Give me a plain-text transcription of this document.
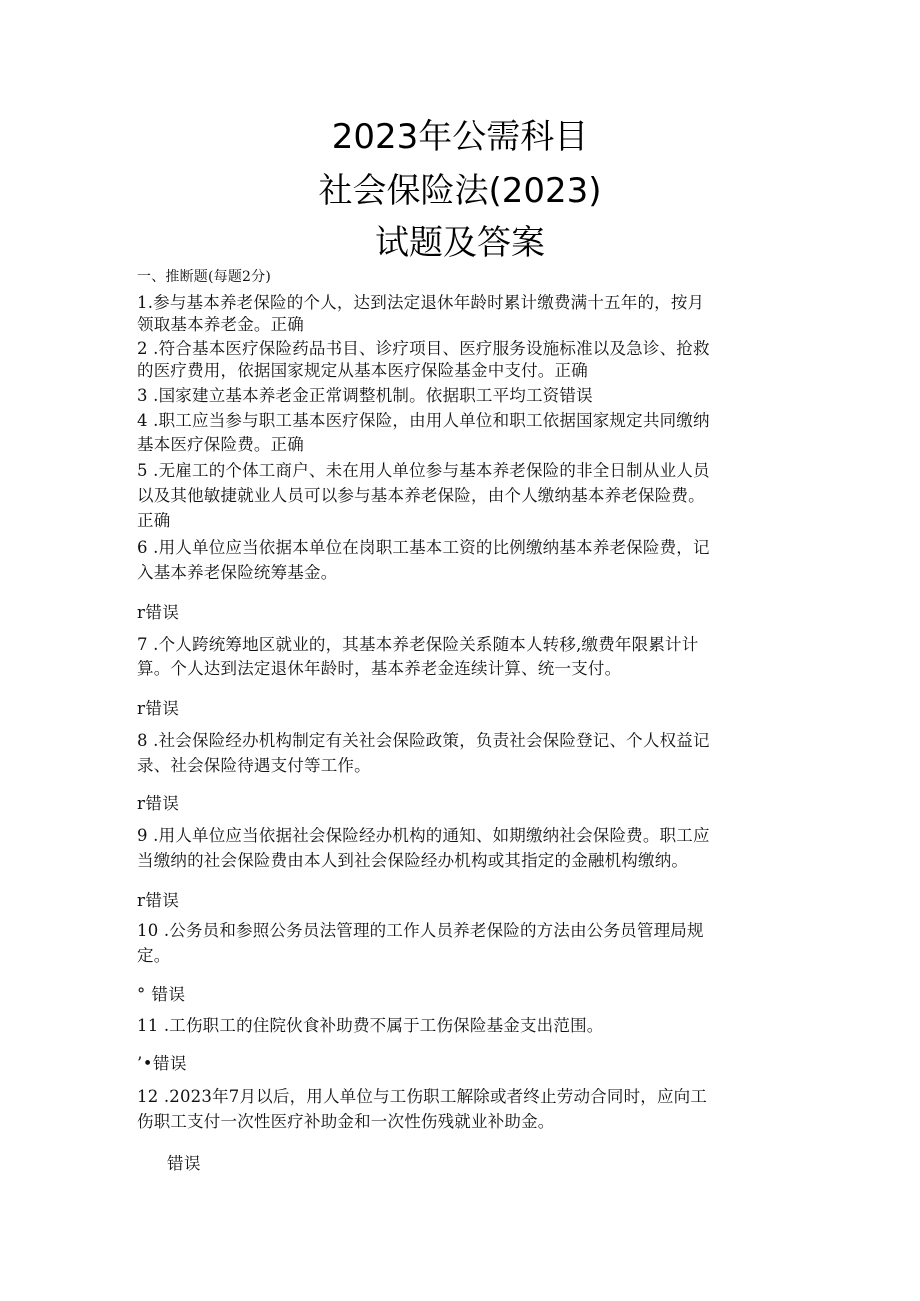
2023年公需科目
社会保险法(2023)
试题及答案
一、推断题(每题2分)
1.参与基本养老保险的个人，达到法定退休年龄时累计缴费满十五年的，按月
领取基本养老金。正确
2 .符合基本医疗保险药品书目、诊疗项目、医疗服务设施标准以及急诊、抢救
的医疗费用，依据国家规定从基本医疗保险基金中支付。正确
3 .国家建立基本养老金正常调整机制。依据职工平均工资错误
4 .职工应当参与职工基本医疗保险，由用人单位和职工依据国家规定共同缴纳
基本医疗保险费。正确
5 .无雇工的个体工商户、未在用人单位参与基本养老保险的非全日制从业人员
以及其他敏捷就业人员可以参与基本养老保险，由个人缴纳基本养老保险费。
正确
6 .用人单位应当依据本单位在岗职工基本工资的比例缴纳基本养老保险费，记
入基本养老保险统筹基金。
r错误
7 .个人跨统筹地区就业的，其基本养老保险关系随本人转移,缴费年限累计计
算。个人达到法定退休年龄时，基本养老金连续计算、统一支付。
r错误
8 .社会保险经办机构制定有关社会保险政策，负责社会保险登记、个人权益记
录、社会保险待遇支付等工作。
r错误
9 .用人单位应当依据社会保险经办机构的通知、如期缴纳社会保险费。职工应
当缴纳的社会保险费由本人到社会保险经办机构或其指定的金融机构缴纳。
r错误
10 .公务员和参照公务员法管理的工作人员养老保险的方法由公务员管理局规
定。
° 错误
11 .工伤职工的住院伙食补助费不属于工伤保险基金支出范围。
’•错误
12 .2023年7月以后，用人单位与工伤职工解除或者终止劳动合同时，应向工
伤职工支付一次性医疗补助金和一次性伤残就业补助金。
错误
